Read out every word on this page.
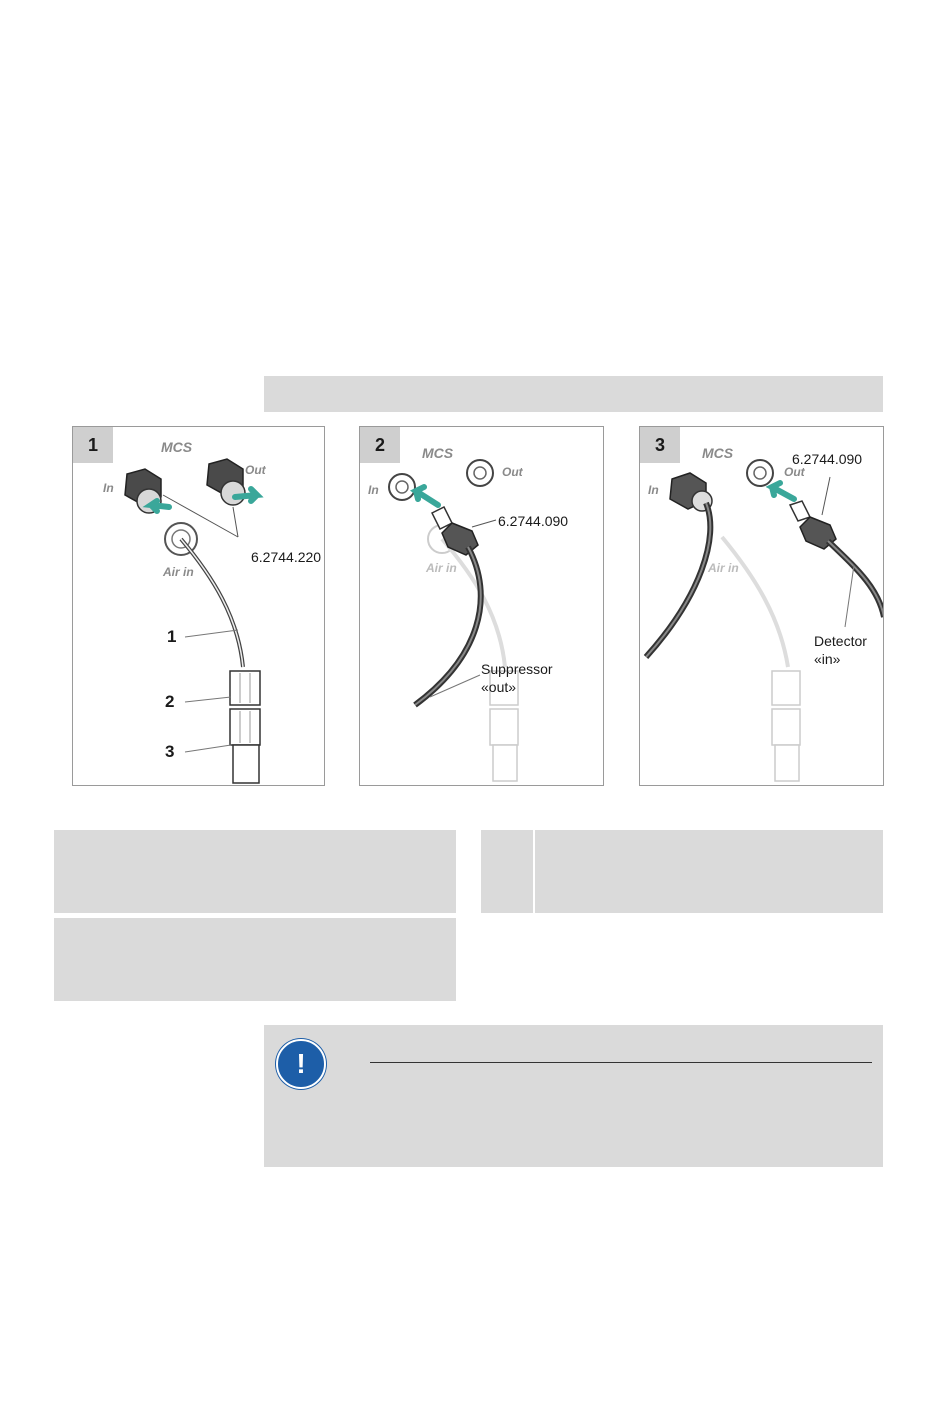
1	MCS
In
Out
Air in
6.2744.220
1
2
3
2	MCS
In
Out
Air in
6.2744.090
Suppressor
«out»
3	MCS
In
Out
Air in
6.2744.090
Detector
«in»
!
